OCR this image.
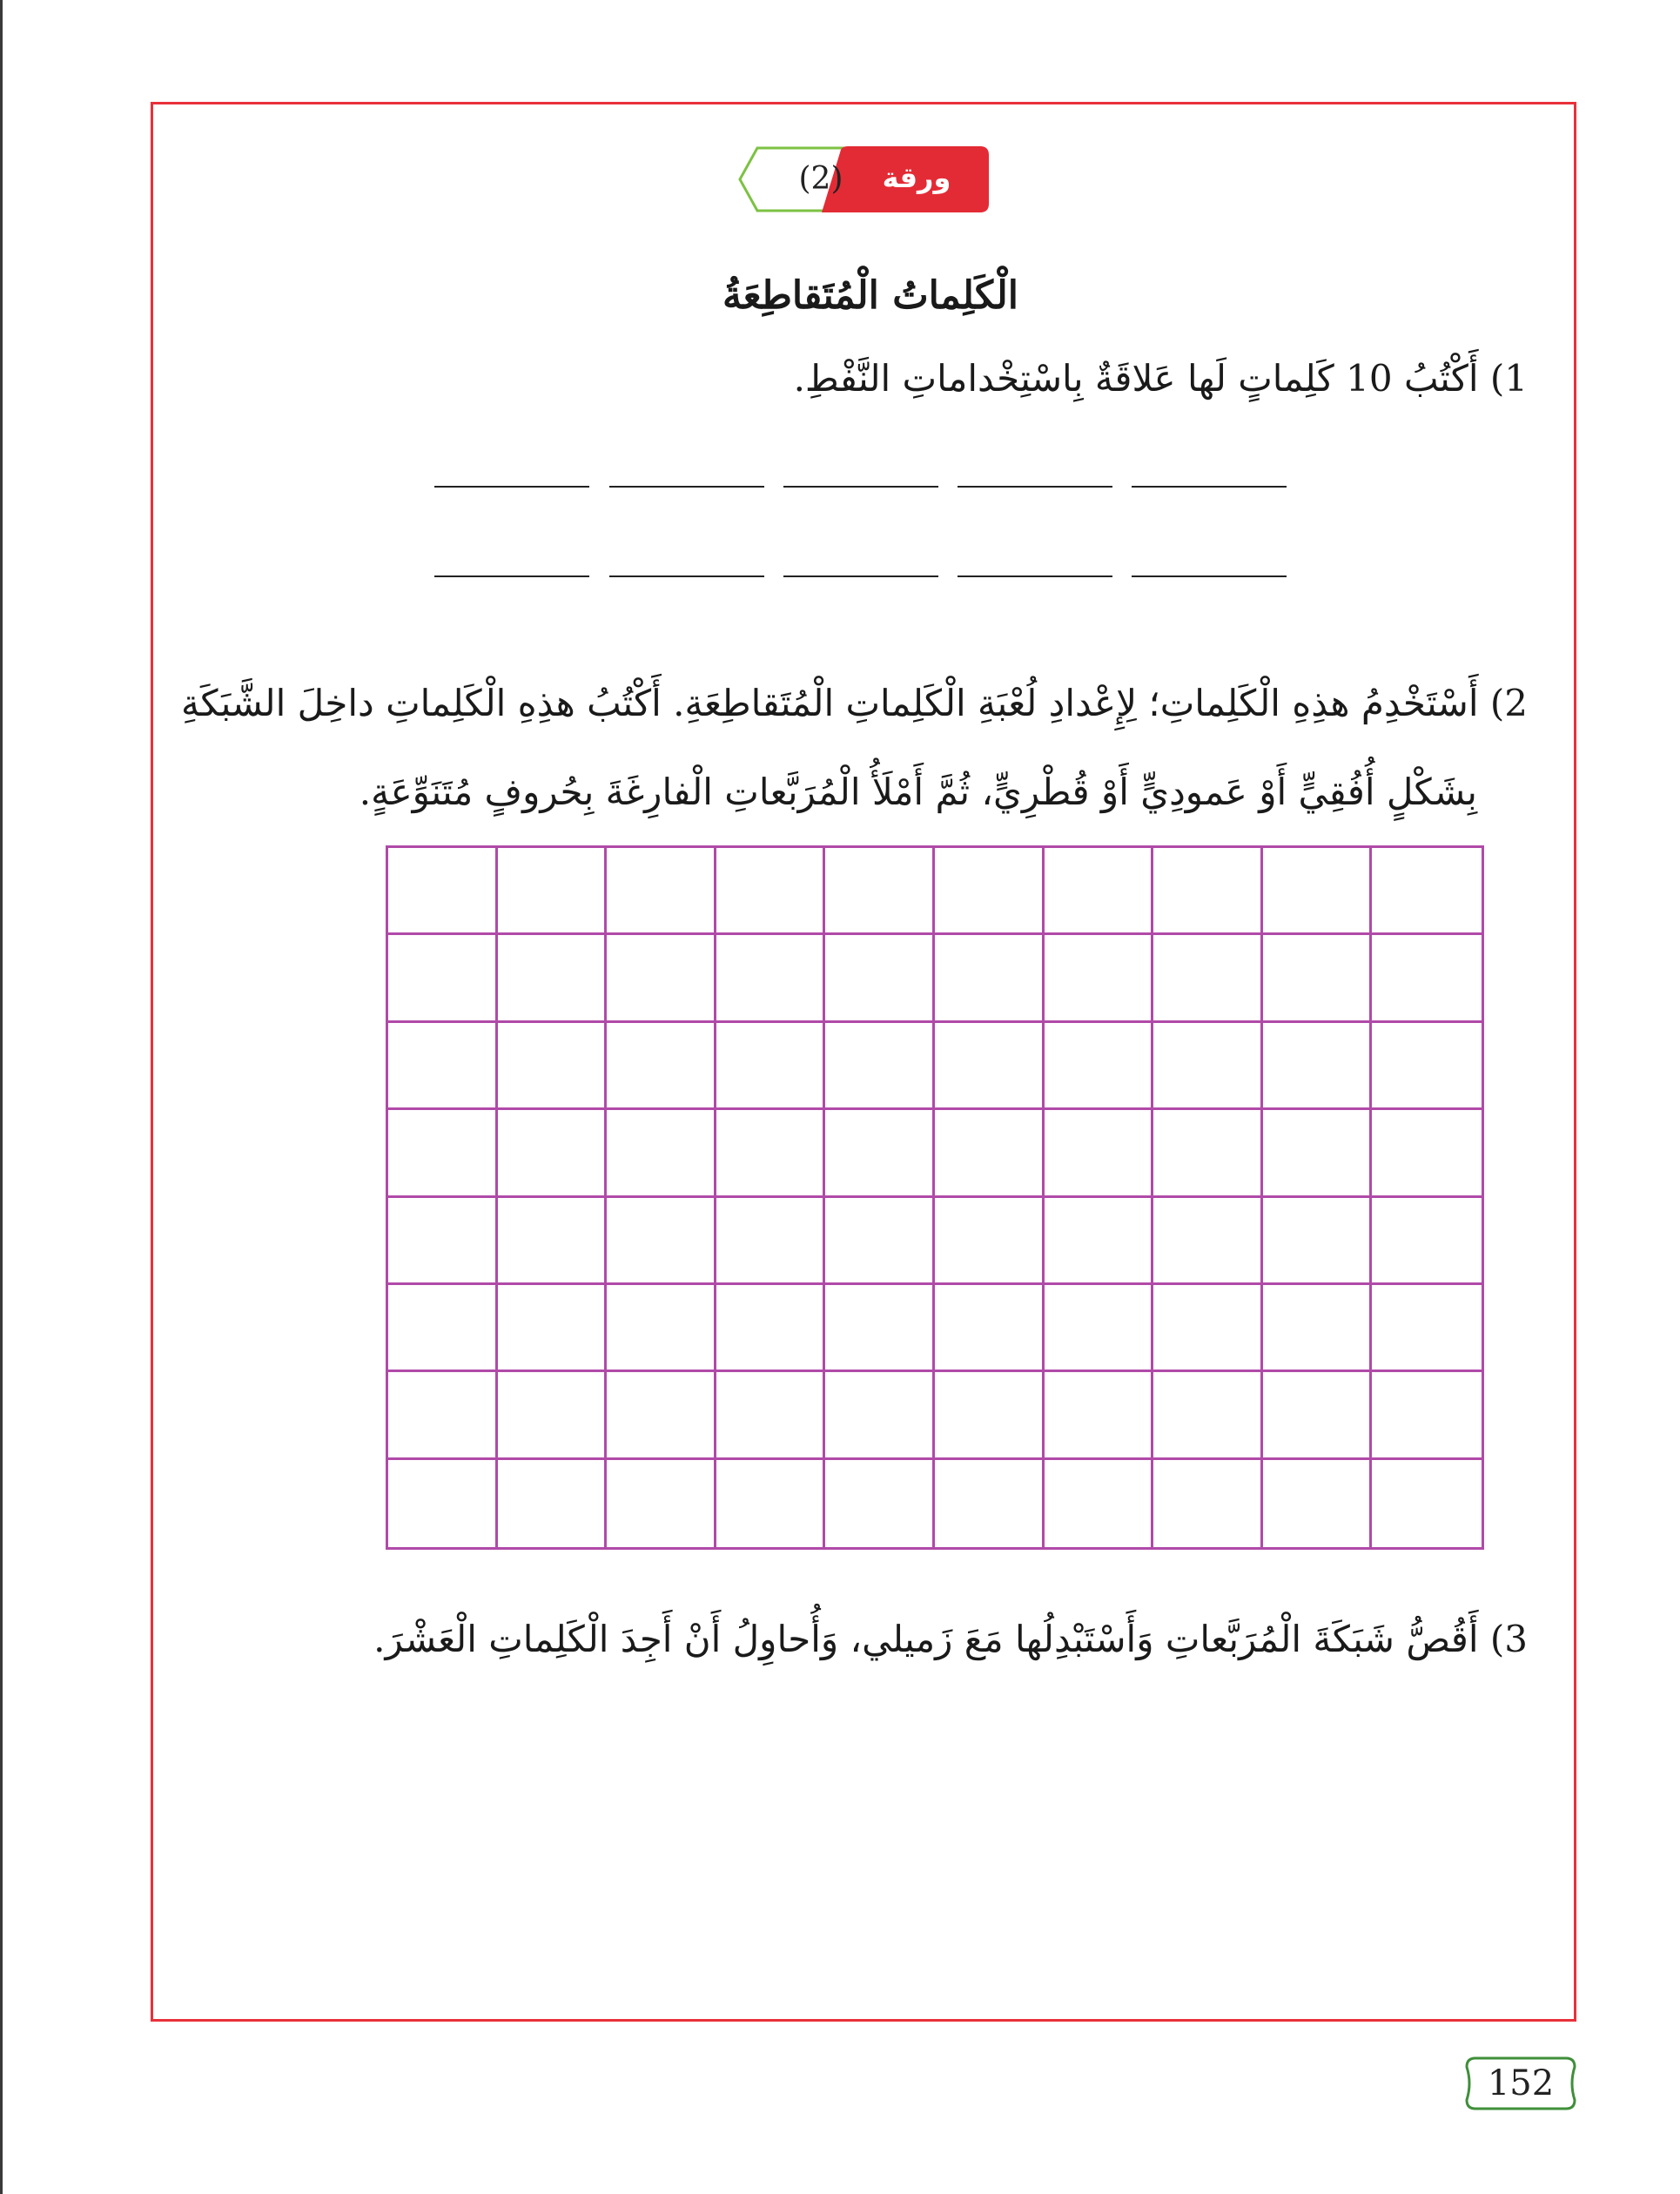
(2)	ورقة عمل
الْكَلِماتُ الْمُتَقاطِعَةُ
1) أَكْتُبُ 10 كَلِماتٍ لَها عَلاقَةٌ بِاسْتِخْداماتِ النَّفْطِ.
2) أَسْتَخْدِمُ هذِهِ الْكَلِماتِ؛ لِإِعْدادِ لُعْبَةِ الْكَلِماتِ الْمُتَقاطِعَةِ. أَكْتُبُ هذِهِ الْكَلِماتِ داخِلَ الشَّبَكَةِ
بِشَكْلٍ أُفُقِيٍّ أَوْ عَمودِيٍّ أَوْ قُطْرِيٍّ، ثُمَّ أَمْلَأُ الْمُرَبَّعاتِ الْفارِغَةَ بِحُروفٍ مُتَنَوِّعَةٍ.
3) أَقُصُّ شَبَكَةَ الْمُرَبَّعاتِ وَأَسْتَبْدِلُها مَعَ زَميلي، وَأُحاوِلُ أَنْ أَجِدَ الْكَلِماتِ الْعَشْرَ.
152
